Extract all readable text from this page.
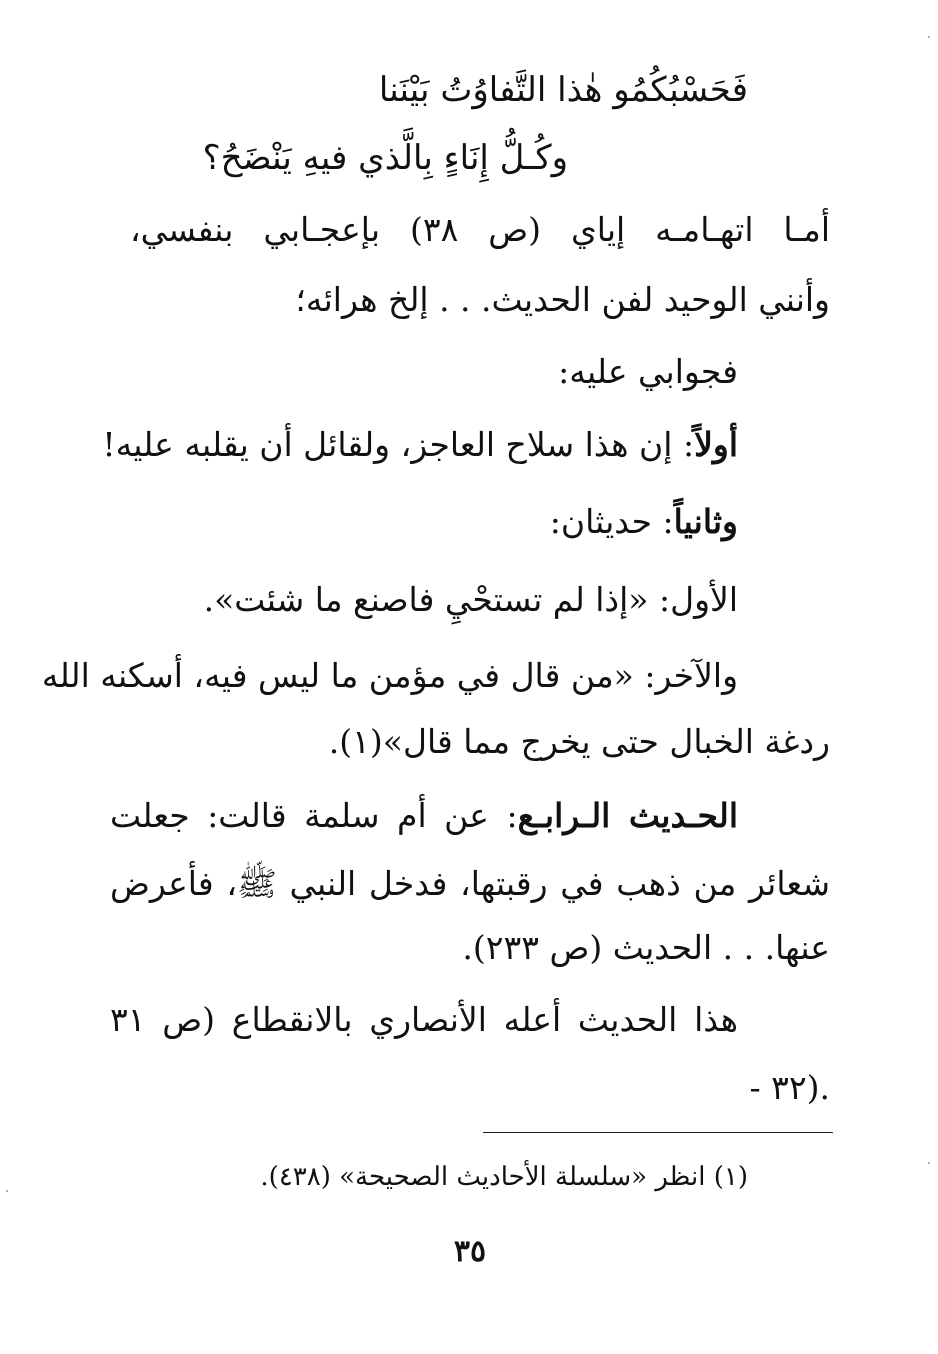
فَحَسْبُكُمُو هٰذا التَّفاوُتُ بَيْنَنا
وكُـلُّ إِنَاءٍ بِالَّذي فيهِ يَنْضَحُ؟
أمـا اتهـامـه إياي (ص ٣٨) بإعجـابي بنفسي،
وأنني الوحيد لفن الحديث. . . إلخ هرائه؛
فجوابي عليه:
أولاً: إن هذا سلاح العاجز، ولقائل أن يقلبه عليه!
وثانياً: حديثان:
الأول: «إذا لم تستحْيِ فاصنع ما شئت».
والآخر: «من قال في مؤمن ما ليس فيه، أسكنه الله
ردغة الخبال حتى يخرج مما قال»(١).
الحـديث الـرابـع: عن أم سلمة قالت: جعلت
شعائر من ذهب في رقبتها، فدخل النبي ﷺ، فأعرض
عنها. . . الحديث (ص ٢٣٣).
هذا الحديث أعله الأنصاري بالانقطاع (ص ٣١
- ٣٢).
(١) انظر «سلسلة الأحاديث الصحيحة» (٤٣٨).
٣٥
